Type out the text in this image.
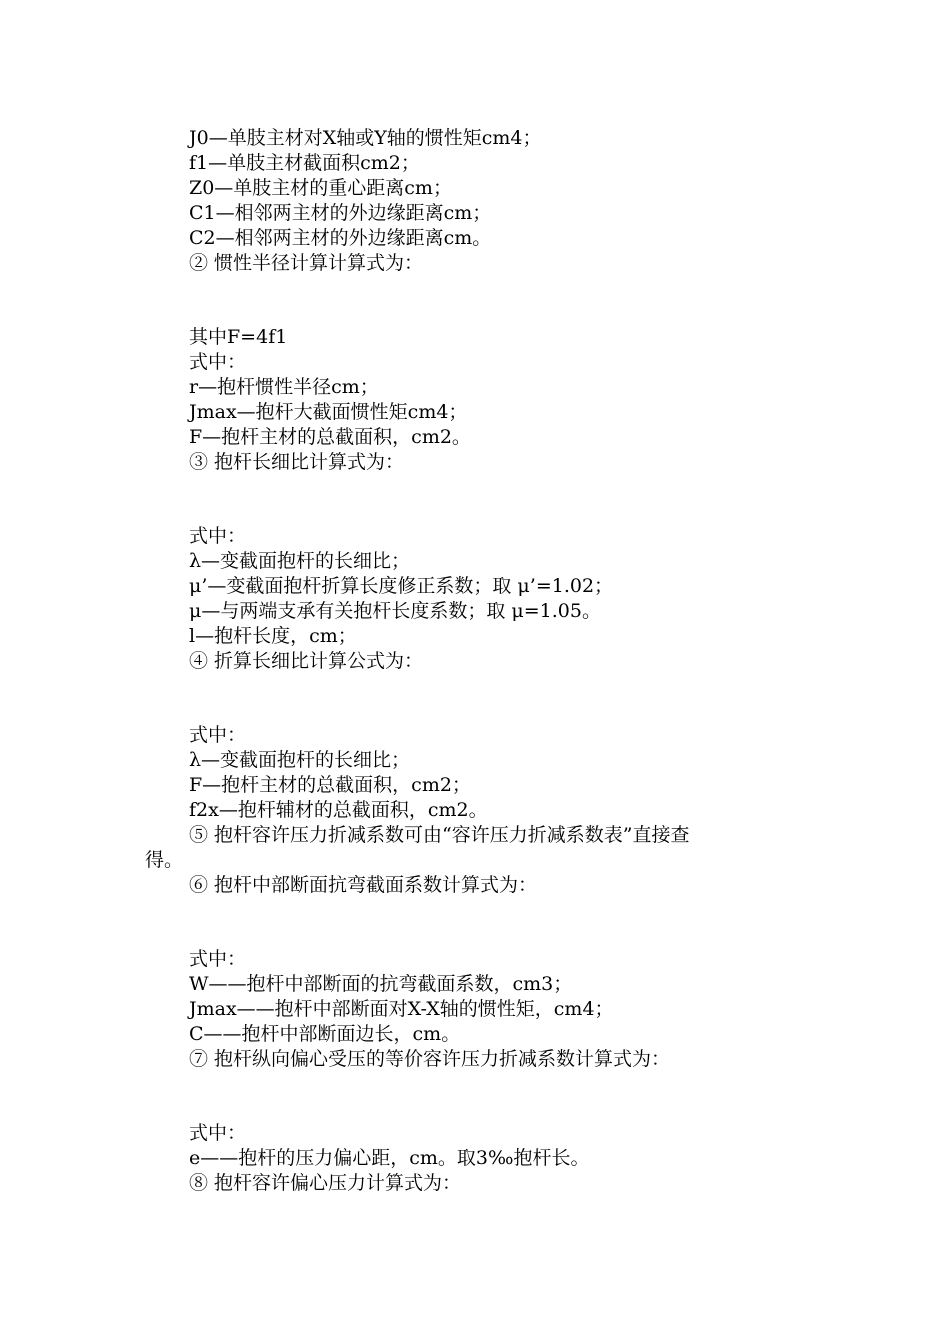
J0—单肢主材对X轴或Y轴的惯性矩cm4；
f1—单肢主材截面积cm2；
Z0—单肢主材的重心距离cm；
C1—相邻两主材的外边缘距离cm；
C2—相邻两主材的外边缘距离cm。
② 惯性半径计算计算式为：
其中F=4f1
式中：
r—抱杆惯性半径cm；
Jmax—抱杆大截面惯性矩cm4；
F—抱杆主材的总截面积，cm2。
③ 抱杆长细比计算式为：
式中：
λ—变截面抱杆的长细比；
μ’—变截面抱杆折算长度修正系数；取 μ’=1.02；
μ—与两端支承有关抱杆长度系数；取 μ=1.05。
l—抱杆长度，cm；
④ 折算长细比计算公式为：
式中：
λ—变截面抱杆的长细比；
F—抱杆主材的总截面积，cm2；
f2x—抱杆辅材的总截面积，cm2。
⑤ 抱杆容许压力折减系数可由“容许压力折减系数表”直接查
得。
⑥ 抱杆中部断面抗弯截面系数计算式为：
式中：
W——抱杆中部断面的抗弯截面系数，cm3；
Jmax——抱杆中部断面对X-X轴的惯性矩，cm4；
C——抱杆中部断面边长，cm。
⑦ 抱杆纵向偏心受压的等价容许压力折减系数计算式为：
式中：
e——抱杆的压力偏心距，cm。取3‰抱杆长。
⑧ 抱杆容许偏心压力计算式为：
